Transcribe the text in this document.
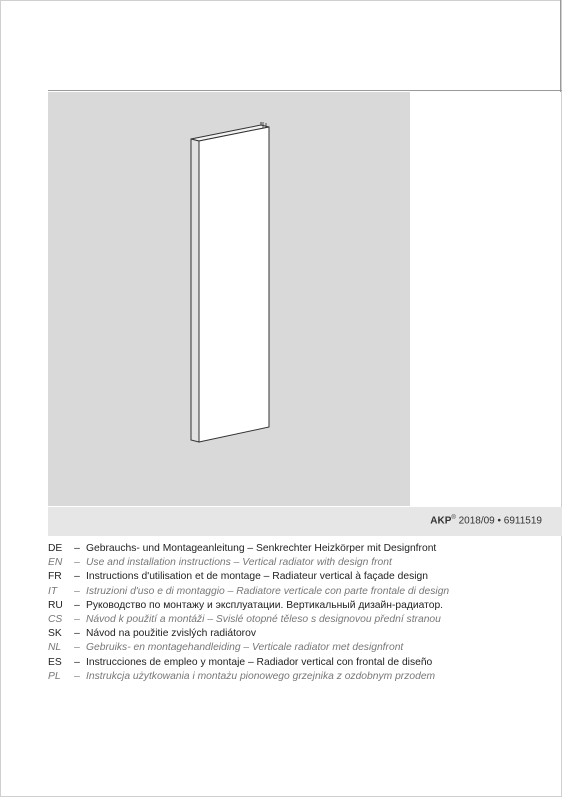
AKP® 2018/09 • 6911519
DE	– Gebrauchs- und Montageanleitung – Senkrechter Heizkörper mit Designfront
EN	– Use and installation instructions – Vertical radiator with design front
FR	– Instructions d'utilisation et de montage – Radiateur vertical à façade design
IT	– Istruzioni d'uso e di montaggio – Radiatore verticale con parte frontale di design
RU	– Руководство по монтажу и эксплуатации. Вертикальный дизайн-радиатор.
CS	– Návod k použití a montáži – Svislé otopné těleso s designovou přední stranou
SK	– Návod na použitie zvislých radiátorov
NL	– Gebruiks- en montagehandleiding – Verticale radiator met designfront
ES	– Instrucciones de empleo y montaje – Radiador vertical con frontal de diseño
PL	– Instrukcja użytkowania i montażu pionowego grzejnika z ozdobnym przodem
